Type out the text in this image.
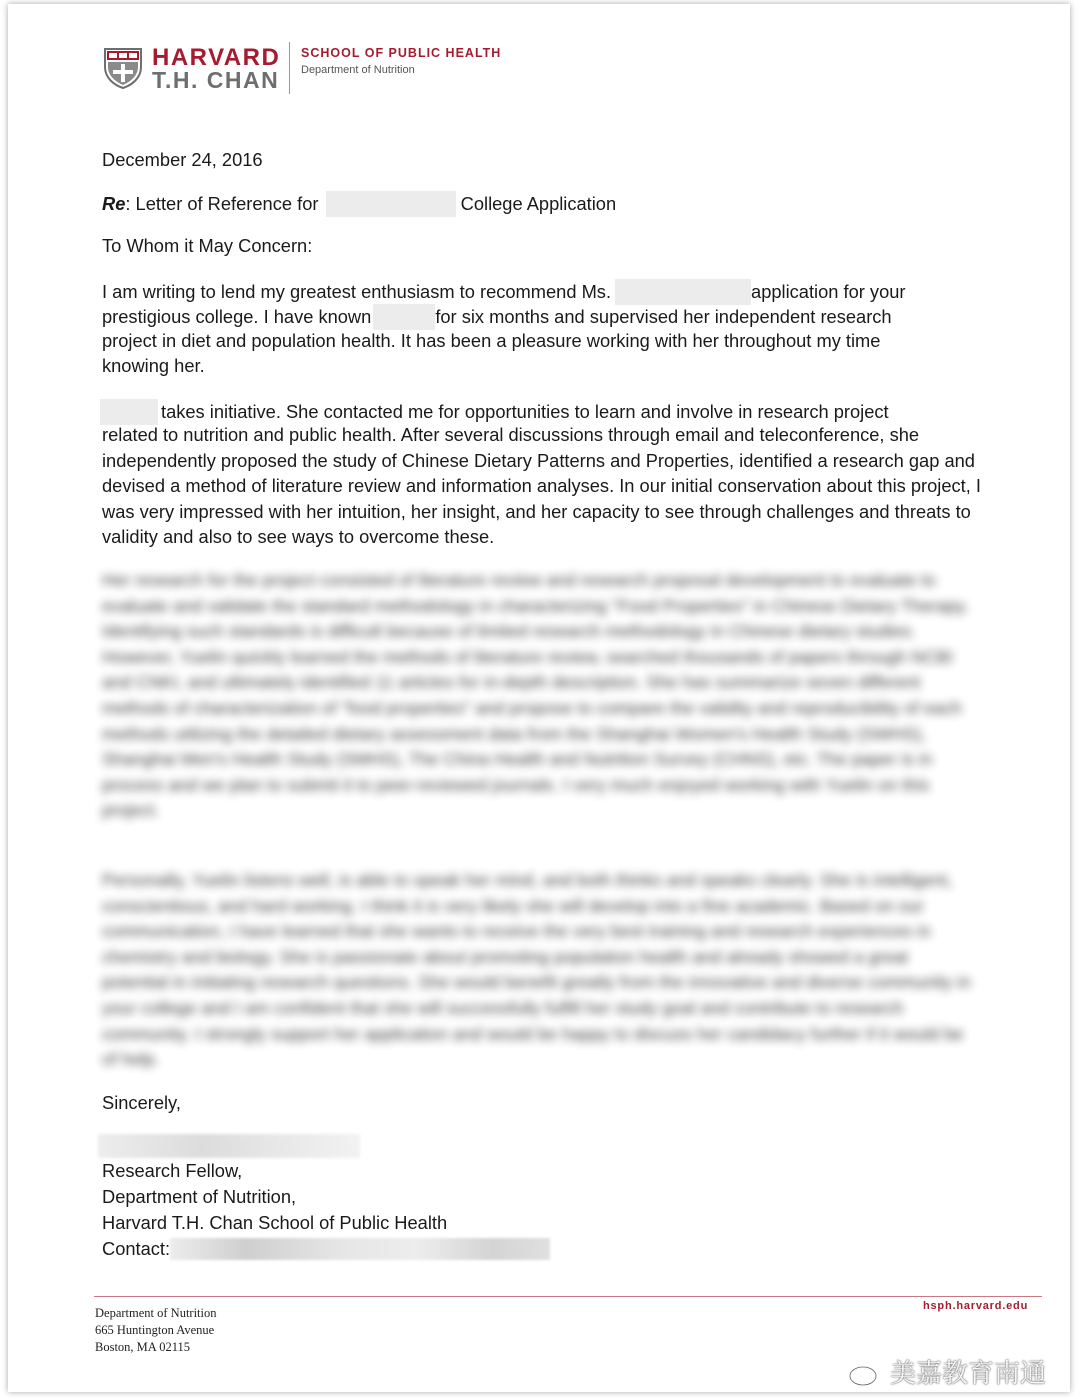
HARVARD
T.H. CHAN
SCHOOL OF PUBLIC HEALTH
Department of Nutrition
December 24, 2016
Re: Letter of Reference for	College Application
To Whom it May Concern:
I am writing to lend my greatest enthusiasm to recommend Ms.	application for your
prestigious college. I have known	for six months and supervised her independent research
project in diet and population health. It has been a pleasure working with her throughout my time
knowing her.
takes initiative. She contacted me for opportunities to learn and involve in research project
related to nutrition and public health. After several discussions through email and teleconference, she independently proposed the study of Chinese Dietary Patterns and Properties, identified a research gap and devised a method of literature review and information analyses. In our initial conservation about this project, I was very impressed with her intuition, her insight, and her capacity to see through challenges and threats to validity and also to see ways to overcome these.
Her research for the project consisted of literature review and research proposal development to evaluate to evaluate and validate the standard methodology in characterizing "Food Properties" in Chinese Dietary Therapy. Identifying such standards is difficult because of limited research methodology in Chinese dietary studies. However, Yuelin quickly learned the methods of literature review, searched thousands of papers through NCBI and CNKI, and ultimately identified 11 articles for in-depth description. She has summarize seven different methods of characterization of "food properties" and propose to compare the validity and reproducibility of each methods utilizing the detailed dietary assessment data from the Shanghai Women's Health Study (SWHS), Shanghai Men's Health Study (SMHS), The China Health and Nutrition Survey (CHNS), etc. The paper is in process and we plan to submit it to peer-reviewed journals. I very much enjoyed working with Yuelin on this project.
Personally, Yuelin listens well, is able to speak her mind, and both thinks and speaks clearly. She is intelligent, conscientious, and hard working. I think it is very likely she will develop into a fine academic. Based on our communication, I have learned that she wants to receive the very best training and research experiences in chemistry and biology. She is passionate about promoting population health and already showed a great potential in initiating research questions. She would benefit greatly from the innovative and diverse community in your college and I am confident that she will successfully fulfill her study goal and contribute to research community. I strongly support her application and would be happy to discuss her candidacy further if it would be of help.
Sincerely,
Research Fellow,
Department of Nutrition,
Harvard T.H. Chan School of Public Health
Contact:
hsph.harvard.edu
Department of Nutrition
665 Huntington Avenue
Boston, MA 02115
美嘉教育南通
